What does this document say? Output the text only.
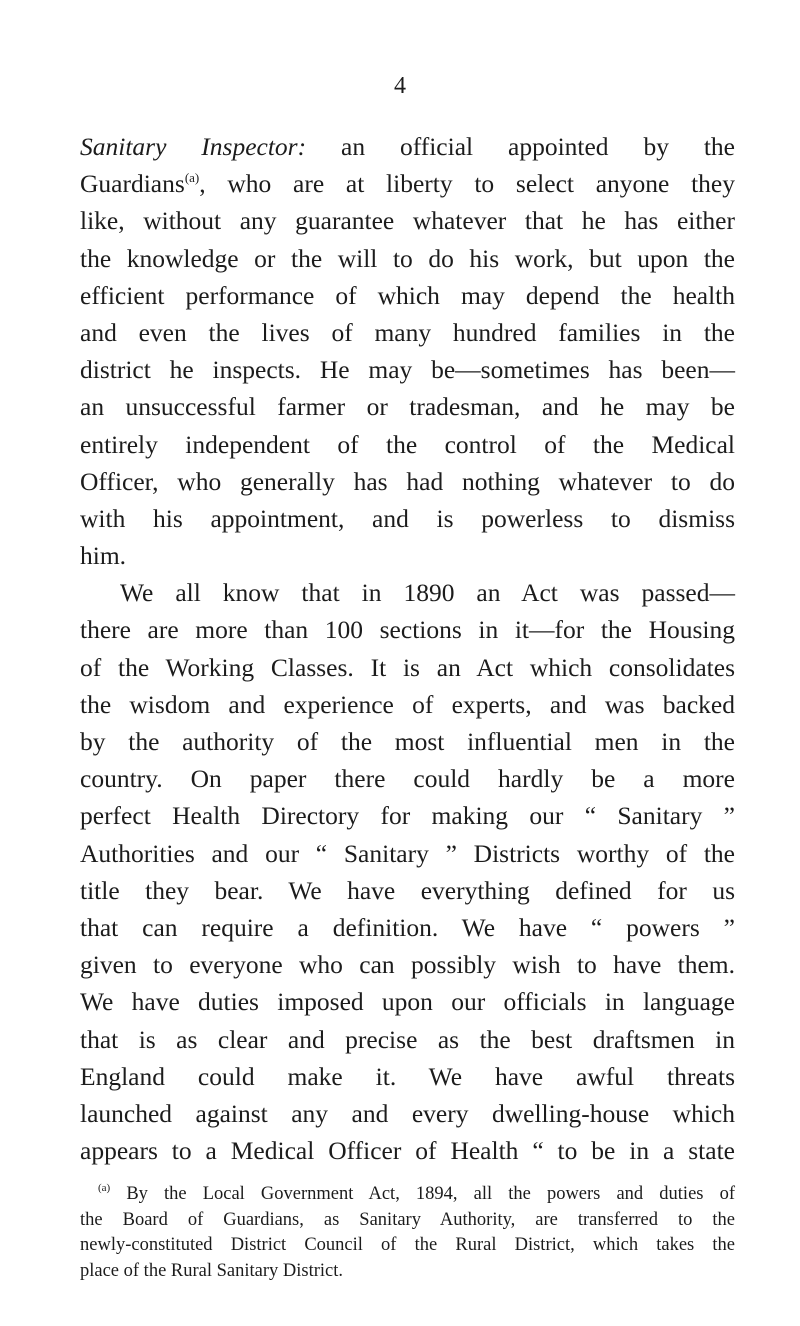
4
Sanitary Inspector: an official appointed by the
Guardians$^{(a)}$, who are at liberty to select anyone they
like, without any guarantee whatever that he has either
the knowledge or the will to do his work, but upon the
efficient performance of which may depend the health
and even the lives of many hundred families in the
district he inspects. He may be—sometimes has been—
an unsuccessful farmer or tradesman, and he may be
entirely independent of the control of the Medical
Officer, who generally has had nothing whatever to do
with his appointment, and is powerless to dismiss
him.
We all know that in 1890 an Act was passed—
there are more than 100 sections in it—for the Housing
of the Working Classes. It is an Act which consolidates
the wisdom and experience of experts, and was backed
by the authority of the most influential men in the
country. On paper there could hardly be a more
perfect Health Directory for making our “ Sanitary ”
Authorities and our “ Sanitary ” Districts worthy of the
title they bear. We have everything defined for us
that can require a definition. We have “ powers ”
given to everyone who can possibly wish to have them.
We have duties imposed upon our officials in language
that is as clear and precise as the best draftsmen in
England could make it. We have awful threats
launched against any and every dwelling-house which
appears to a Medical Officer of Health “ to be in a state
$^{(a)}$ By the Local Government Act, 1894, all the powers and duties of
the Board of Guardians, as Sanitary Authority, are transferred to the
newly-constituted District Council of the Rural District, which takes the
place of the Rural Sanitary District.
